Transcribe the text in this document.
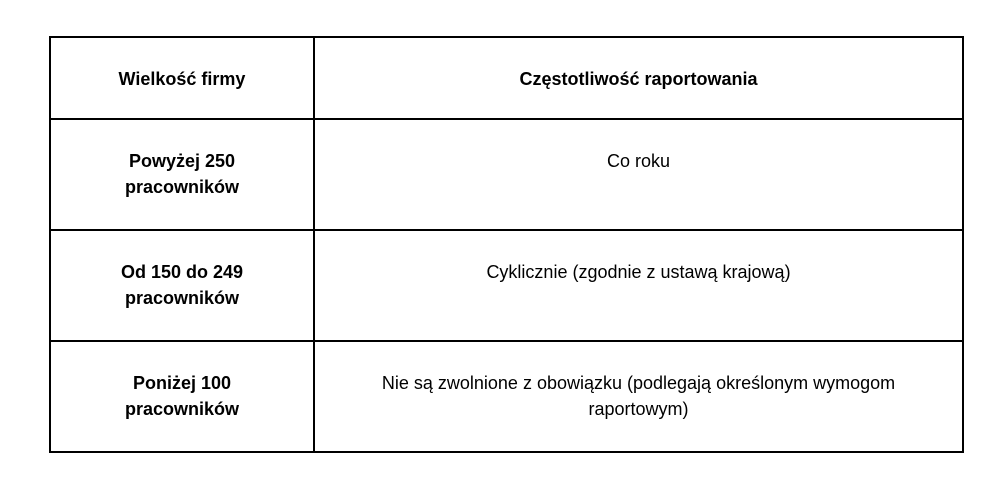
Wielkość firmy	Częstotliwość raportowania
Powyżej 250 pracowników	Co roku
Od 150 do 249 pracowników	Cyklicznie (zgodnie z ustawą krajową)
Poniżej 100 pracowników	Nie są zwolnione z obowiązku (podlegają określonym wymogom raportowym)
